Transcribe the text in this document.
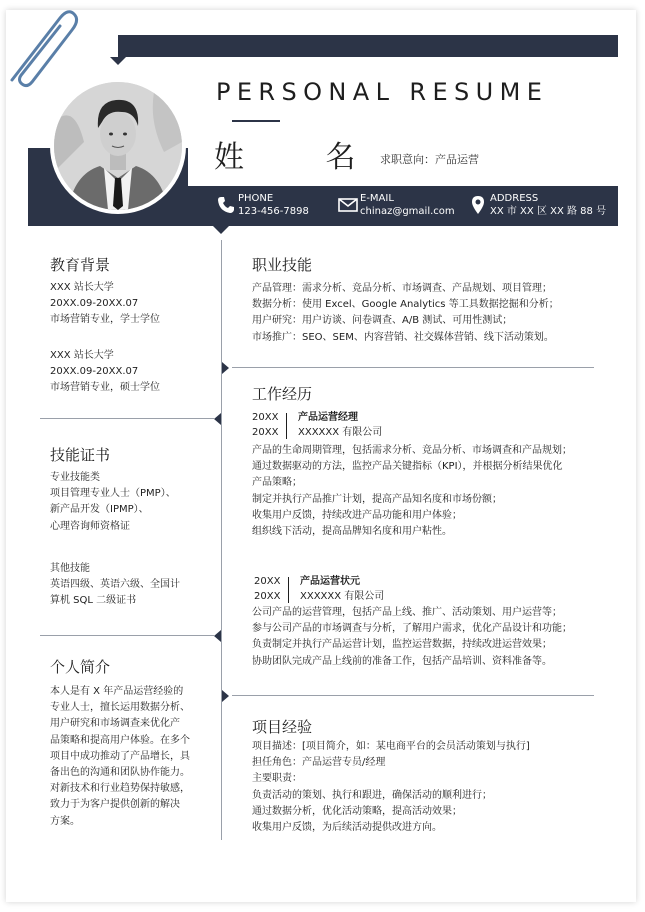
PERSONAL RESUME
姓 名
求职意向：产品运营
PHONE
123-456-7898
E-MAIL
chinaz@gmail.com
ADDRESS
XX 市 XX 区 XX 路 88 号
教育背景
XXX 站长大学
20XX.09-20XX.07
市场营销专业，学士学位
XXX 站长大学
20XX.09-20XX.07
市场营销专业，硕士学位
技能证书
专业技能类
项目管理专业人士（PMP）、
新产品开发（IPMP）、
心理咨询师资格证
其他技能
英语四级、英语六级、全国计
算机 SQL 二级证书
个人简介
本人是有 X 年产品运营经验的
专业人士，擅长运用数据分析、
用户研究和市场调查来优化产
品策略和提高用户体验。在多个
项目中成功推动了产品增长，具
备出色的沟通和团队协作能力。
对新技术和行业趋势保持敏感，
致力于为客户提供创新的解决
方案。
职业技能
产品管理：需求分析、竞品分析、市场调查、产品规划、项目管理；
数据分析：使用 Excel、Google Analytics 等工具数据挖掘和分析；
用户研究：用户访谈、问卷调查、A/B 测试、可用性测试；
市场推广：SEO、SEM、内容营销、社交媒体营销、线下活动策划。
工作经历
20XX
20XX
产品运营经理
XXXXXX 有限公司
产品的生命周期管理，包括需求分析、竞品分析、市场调查和产品规划；
通过数据驱动的方法，监控产品关键指标（KPI），并根据分析结果优化
产品策略；
制定并执行产品推广计划，提高产品知名度和市场份额；
收集用户反馈，持续改进产品功能和用户体验；
组织线下活动，提高品牌知名度和用户粘性。
20XX
20XX
产品运营状元
XXXXXX 有限公司
公司产品的运营管理，包括产品上线、推广、活动策划、用户运营等；
参与公司产品的市场调查与分析，了解用户需求，优化产品设计和功能；
负责制定并执行产品运营计划，监控运营数据，持续改进运营效果；
协助团队完成产品上线前的准备工作，包括产品培训、资料准备等。
项目经验
项目描述：[项目简介，如：某电商平台的会员活动策划与执行]
担任角色：产品运营专员/经理
主要职责：
负责活动的策划、执行和跟进，确保活动的顺利进行；
通过数据分析，优化活动策略，提高活动效果；
收集用户反馈，为后续活动提供改进方向。
